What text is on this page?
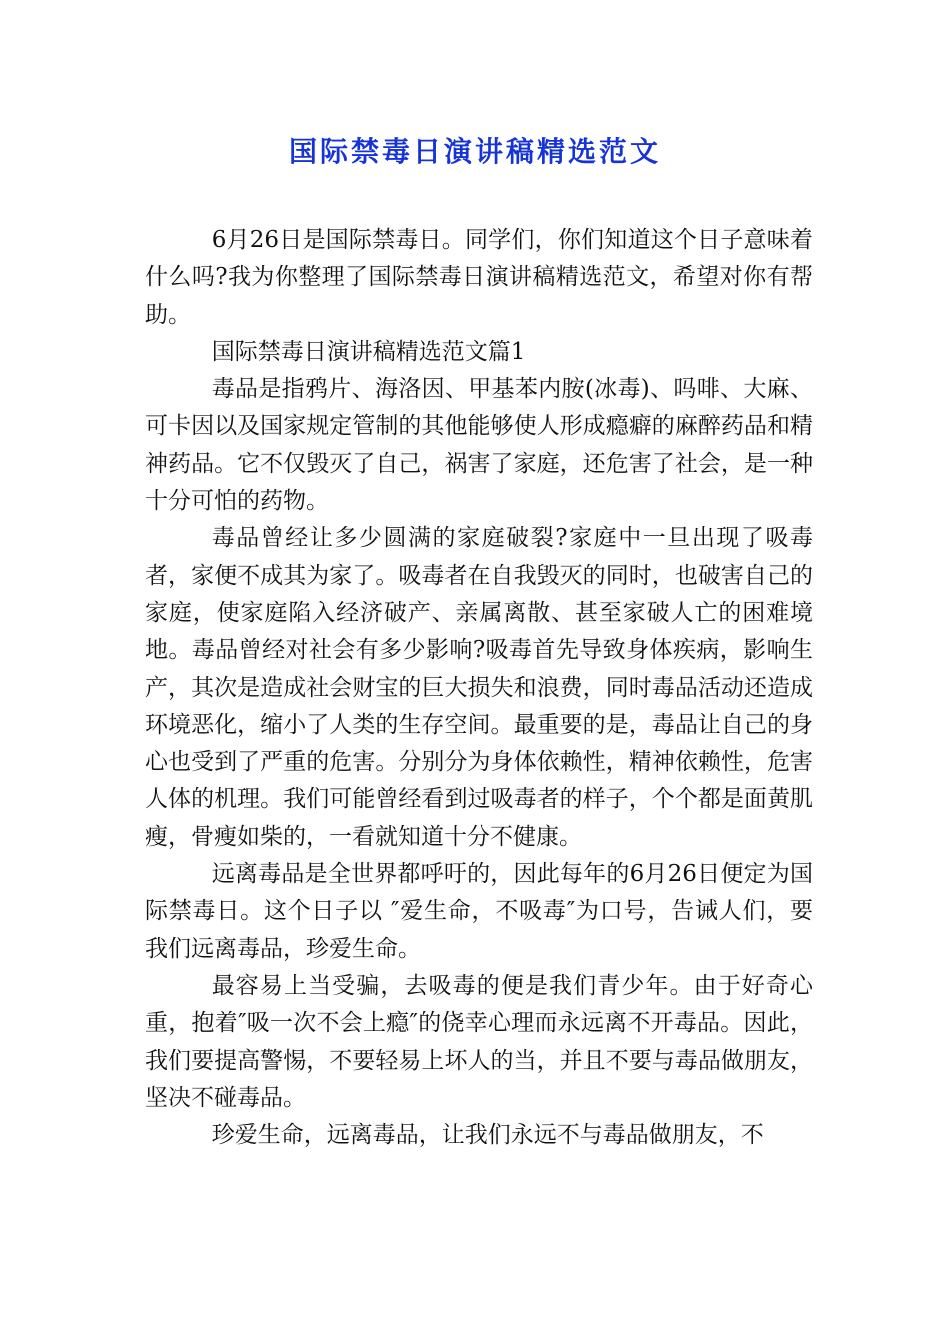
国际禁毒日演讲稿精选范文

6月26日是国际禁毒日。同学们，你们知道这个日子意味着什么吗?我为你整理了国际禁毒日演讲稿精选范文，希望对你有帮助。

国际禁毒日演讲稿精选范文篇1

毒品是指鸦片、海洛因、甲基苯内胺(冰毒)、吗啡、大麻、可卡因以及国家规定管制的其他能够使人形成瘾癖的麻醉药品和精神药品。它不仅毁灭了自己，祸害了家庭，还危害了社会，是一种十分可怕的药物。

毒品曾经让多少圆满的家庭破裂?家庭中一旦出现了吸毒者，家便不成其为家了。吸毒者在自我毁灭的同时，也破害自己的家庭，使家庭陷入经济破产、亲属离散、甚至家破人亡的困难境地。毒品曾经对社会有多少影响?吸毒首先导致身体疾病，影响生产，其次是造成社会财宝的巨大损失和浪费，同时毒品活动还造成环境恶化，缩小了人类的生存空间。最重要的是，毒品让自己的身心也受到了严重的危害。分别分为身体依赖性，精神依赖性，危害人体的机理。我们可能曾经看到过吸毒者的样子，个个都是面黄肌瘦，骨瘦如柴的，一看就知道十分不健康。

远离毒品是全世界都呼吁的，因此每年的6月26日便定为国际禁毒日。这个日子以 ″爱生命，不吸毒″为口号，告诫人们，要我们远离毒品，珍爱生命。

最容易上当受骗，去吸毒的便是我们青少年。由于好奇心重，抱着″吸一次不会上瘾″的侥幸心理而永远离不开毒品。因此，我们要提高警惕，不要轻易上坏人的当，并且不要与毒品做朋友，坚决不碰毒品。

珍爱生命，远离毒品，让我们永远不与毒品做朋友，不
